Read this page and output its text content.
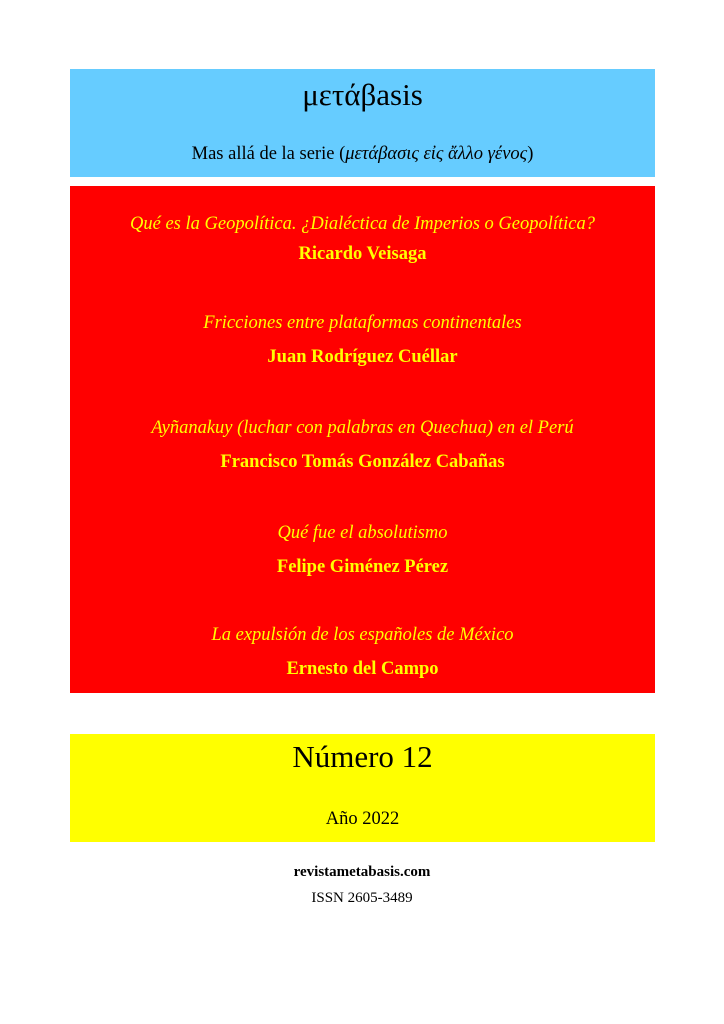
μετάβasis
Mas allá de la serie (μετάβασις εἰς ἄλλο γένος)
Qué es la Geopolítica. ¿Dialéctica de Imperios o Geopolítica?
Ricardo Veisaga
Fricciones entre plataformas continentales
Juan Rodríguez Cuéllar
Ayñanakuy (luchar con palabras en Quechua) en el Perú
Francisco Tomás González Cabañas
Qué fue el absolutismo
Felipe Giménez Pérez
La expulsión de los españoles de México
Ernesto del Campo
Número 12
Año 2022
revistametabasis.com
ISSN 2605-3489
